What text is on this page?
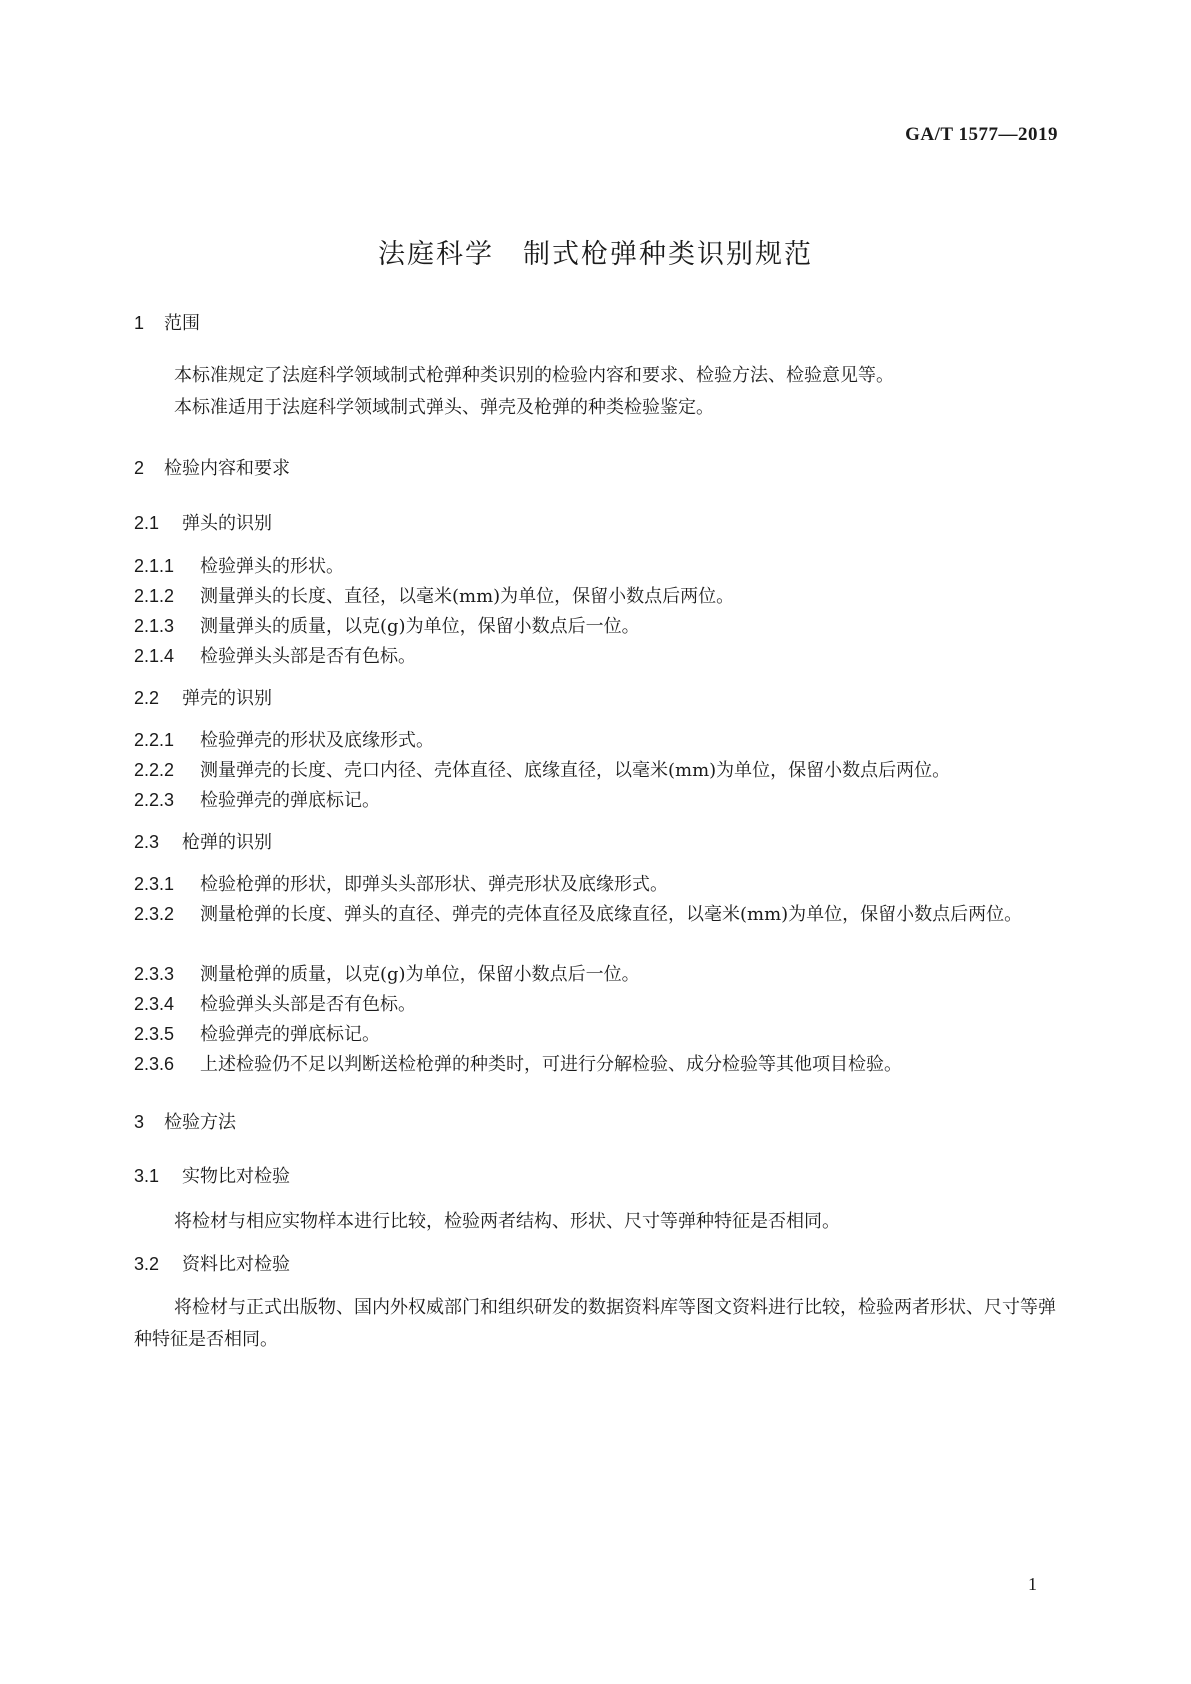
GA/T 1577—2019
法庭科学　制式枪弹种类识别规范
1 范围
本标准规定了法庭科学领域制式枪弹种类识别的检验内容和要求、检验方法、检验意见等。
本标准适用于法庭科学领域制式弹头、弹壳及枪弹的种类检验鉴定。
2 检验内容和要求
2.1 弹头的识别
2.1.1 检验弹头的形状。
2.1.2 测量弹头的长度、直径，以毫米(mm)为单位，保留小数点后两位。
2.1.3 测量弹头的质量，以克(g)为单位，保留小数点后一位。
2.1.4 检验弹头头部是否有色标。
2.2 弹壳的识别
2.2.1 检验弹壳的形状及底缘形式。
2.2.2 测量弹壳的长度、壳口内径、壳体直径、底缘直径，以毫米(mm)为单位，保留小数点后两位。
2.2.3 检验弹壳的弹底标记。
2.3 枪弹的识别
2.3.1 检验枪弹的形状，即弹头头部形状、弹壳形状及底缘形式。
2.3.2 测量枪弹的长度、弹头的直径、弹壳的壳体直径及底缘直径，以毫米(mm)为单位，保留小数点后两位。
2.3.3 测量枪弹的质量，以克(g)为单位，保留小数点后一位。
2.3.4 检验弹头头部是否有色标。
2.3.5 检验弹壳的弹底标记。
2.3.6 上述检验仍不足以判断送检枪弹的种类时，可进行分解检验、成分检验等其他项目检验。
3 检验方法
3.1 实物比对检验
将检材与相应实物样本进行比较，检验两者结构、形状、尺寸等弹种特征是否相同。
3.2 资料比对检验
将检材与正式出版物、国内外权威部门和组织研发的数据资料库等图文资料进行比较，检验两者形状、尺寸等弹种特征是否相同。
1
